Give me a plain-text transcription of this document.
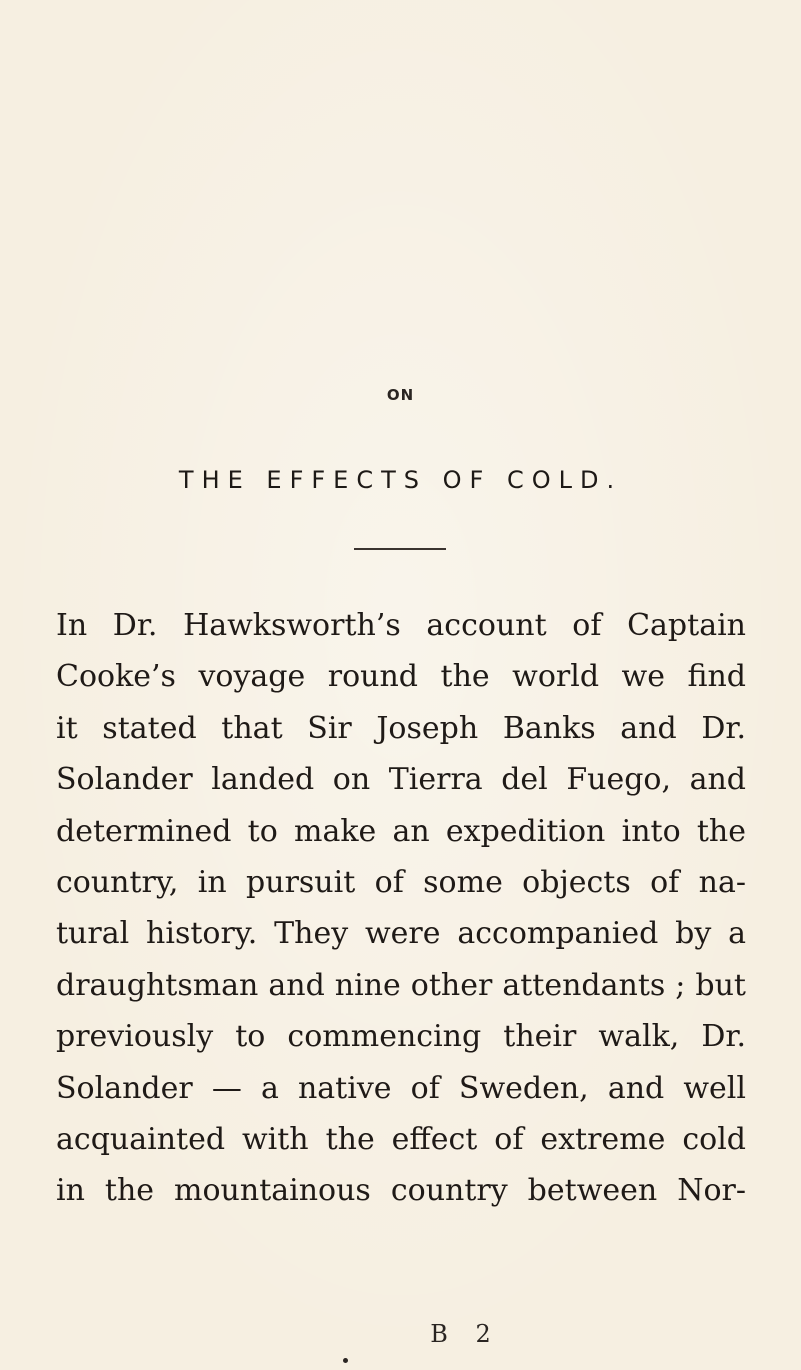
ON
THE EFFECTS OF COLD.
In Dr. Hawksworth’s account of Captain
Cooke’s voyage round the world we find
it stated that Sir Joseph Banks and Dr.
Solander landed on Tierra del Fuego, and
determined to make an expedition into the
country, in pursuit of some objects of na-
tural history. They were accompanied by a
draughtsman and nine other attendants ; but
previously to commencing their walk, Dr.
Solander — a native of Sweden, and well
acquainted with the effect of extreme cold
in the mountainous country between Nor-
B 2
